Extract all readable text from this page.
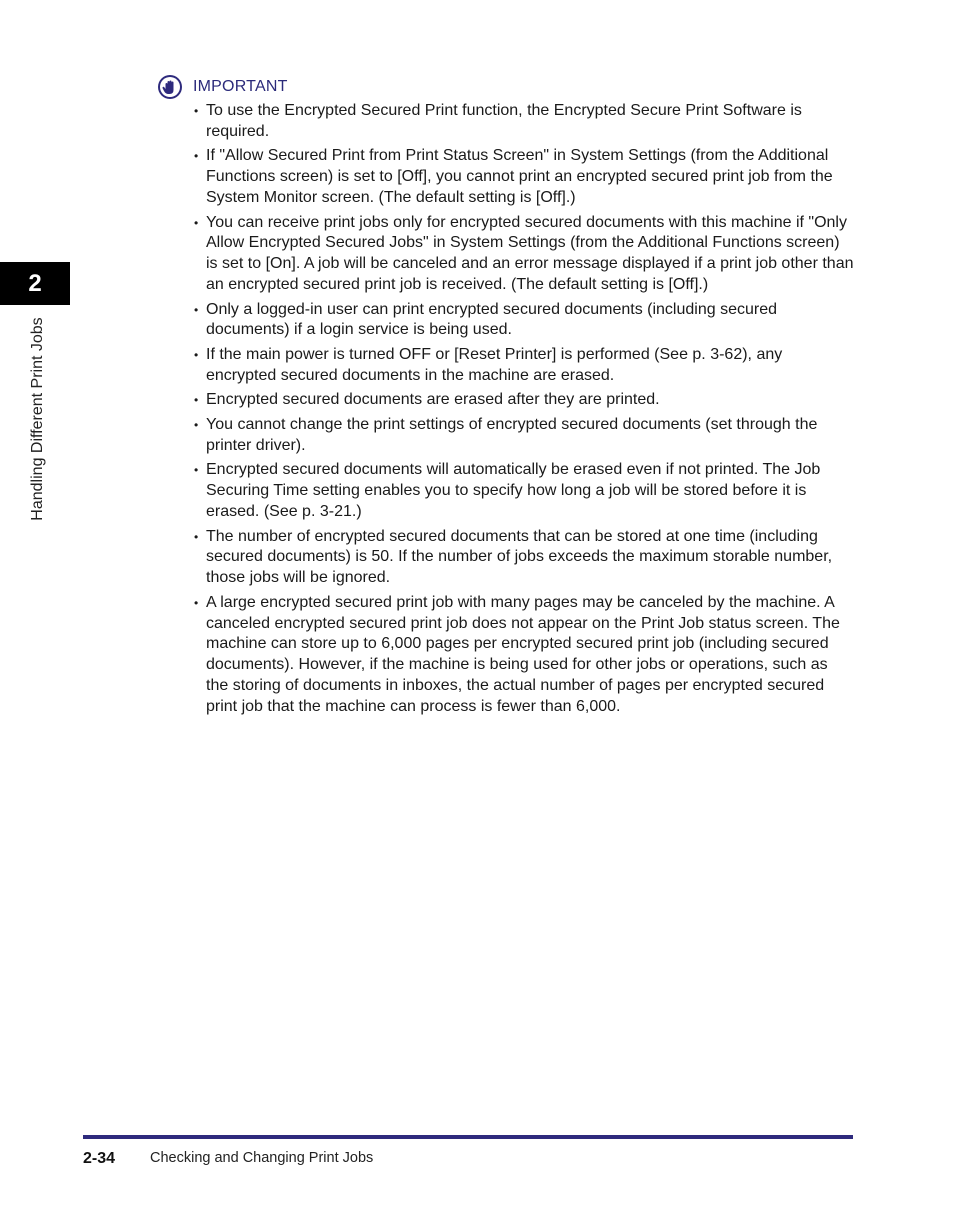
2
Handling Different Print Jobs
IMPORTANT
• To use the Encrypted Secured Print function, the Encrypted Secure Print Software is required.
• If "Allow Secured Print from Print Status Screen" in System Settings (from the Additional Functions screen) is set to [Off], you cannot print an encrypted secured print job from the System Monitor screen. (The default setting is [Off].)
• You can receive print jobs only for encrypted secured documents with this machine if "Only Allow Encrypted Secured Jobs" in System Settings (from the Additional Functions screen) is set to [On]. A job will be canceled and an error message displayed if a print job other than an encrypted secured print job is received. (The default setting is [Off].)
• Only a logged-in user can print encrypted secured documents (including secured documents) if a login service is being used.
• If the main power is turned OFF or [Reset Printer] is performed (See p. 3-62), any encrypted secured documents in the machine are erased.
• Encrypted secured documents are erased after they are printed.
• You cannot change the print settings of encrypted secured documents (set through the printer driver).
• Encrypted secured documents will automatically be erased even if not printed. The Job Securing Time setting enables you to specify how long a job will be stored before it is erased. (See p. 3-21.)
• The number of encrypted secured documents that can be stored at one time (including secured documents) is 50. If the number of jobs exceeds the maximum storable number, those jobs will be ignored.
• A large encrypted secured print job with many pages may be canceled by the machine. A canceled encrypted secured print job does not appear on the Print Job status screen. The machine can store up to 6,000 pages per encrypted secured print job (including secured documents). However, if the machine is being used for other jobs or operations, such as the storing of documents in inboxes, the actual number of pages per encrypted secured print job that the machine can process is fewer than 6,000.
2-34 Checking and Changing Print Jobs
